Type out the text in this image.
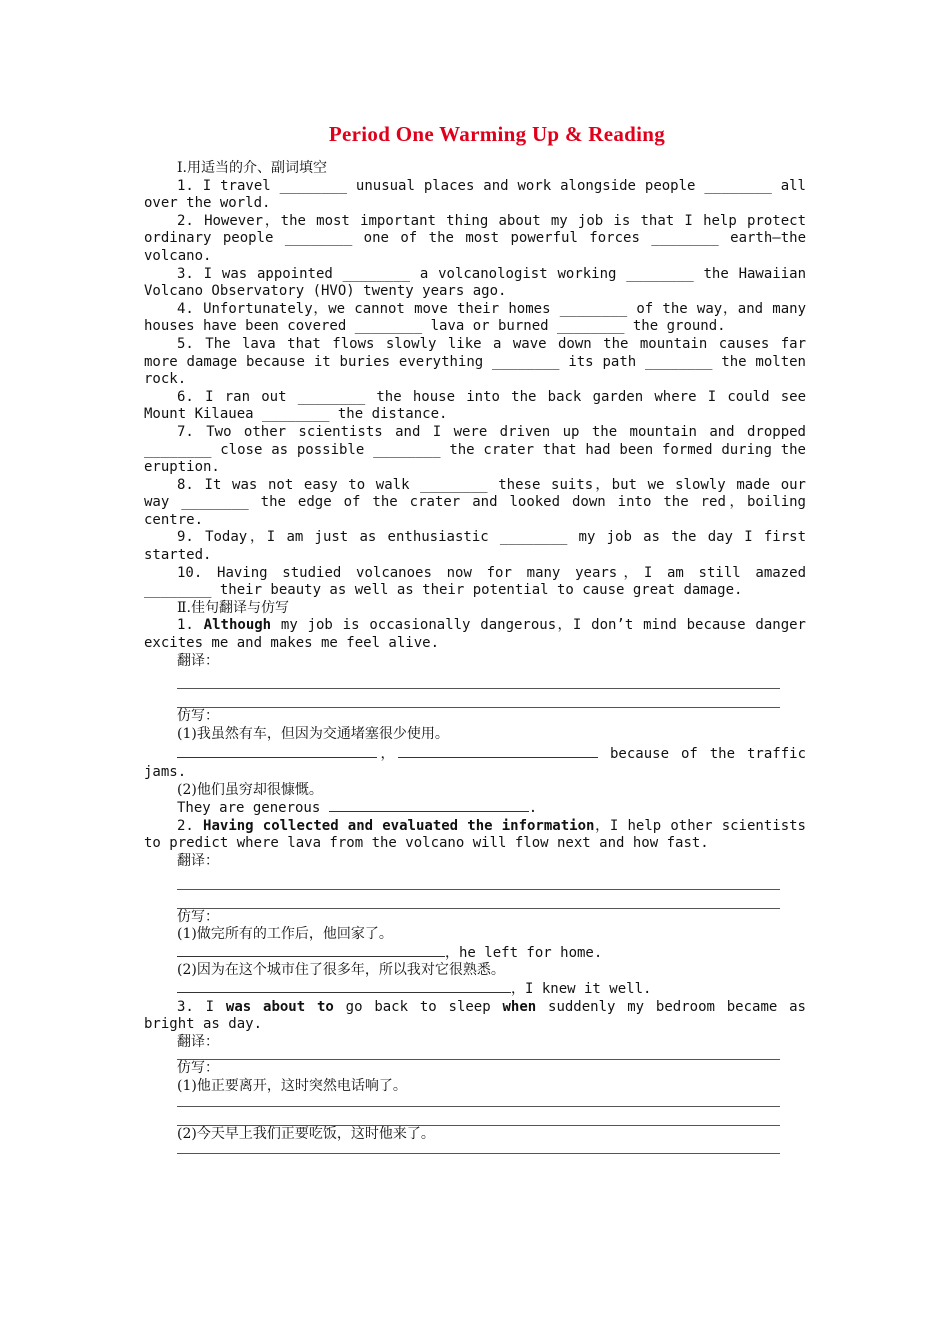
Period One Warming Up & Reading
Ⅰ.用适当的介、副词填空
1. I travel ________ unusual places and work alongside people ________ all over the world.
2. However，the most important thing about my job is that I help protect ordinary people ________ one of the most powerful forces ________ earth—the volcano.
3. I was appointed ________ a volcanologist working ________ the Hawaiian Volcano Observatory (HVO) twenty years ago.
4. Unfortunately，we cannot move their homes ________ of the way，and many houses have been covered ________ lava or burned ________ the ground.
5. The lava that flows slowly like a wave down the mountain causes far more damage because it buries everything ________ its path ________ the molten rock.
6. I ran out ________ the house into the back garden where I could see Mount Kilauea ________ the distance.
7. Two other scientists and I were driven up the mountain and dropped ________ close as possible ________ the crater that had been formed during the eruption.
8. It was not easy to walk ________ these suits，but we slowly made our way ________ the edge of the crater and looked down into the red，boiling centre.
9. Today，I am just as enthusiastic ________ my job as the day I first started.
10. Having studied volcanoes now for many years，I am still amazed ________ their beauty as well as their potential to cause great damage.
Ⅱ.佳句翻译与仿写
1. Although my job is occasionally dangerous，I don’t mind because danger excites me and makes me feel alive.
翻译：
仿写：
(1)我虽然有车，但因为交通堵塞很少使用。
，	because of the traffic jams.
(2)他们虽穷却很慷慨。
They are generous	.
2. Having collected and evaluated the information，I help other scientists to predict where lava from the volcano will flow next and how fast.
翻译：
仿写：
(1)做完所有的工作后，他回家了。
，he left for home.
(2)因为在这个城市住了很多年，所以我对它很熟悉。
，I knew it well.
3. I was about to go back to sleep when suddenly my bedroom became as bright as day.
翻译：
仿写：
(1)他正要离开，这时突然电话响了。
(2)今天早上我们正要吃饭，这时他来了。
